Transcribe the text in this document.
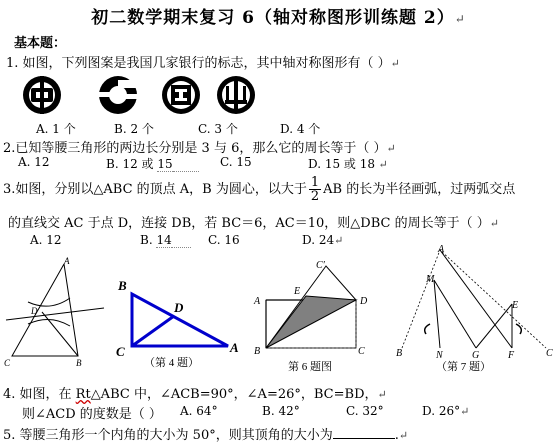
初二数学期末复习 6（轴对称图形训练题 2）↵
基本题：
1. 如图，下列图案是我国几家银行的标志，其中轴对称图形有（ ）↵
A. 1 个	B. 2 个	C. 3 个	D. 4 个
2.已知等腰三角形的两边长分别是 3 与 6，那么它的周长等于（ ）↵
A. 12	B. 12 或 15	C. 15	D. 15 或 18 ↵
3.如图，分别以△ABC 的顶点 A，B 为圆心，以大于 $\frac{1}{2}$ AB 的长为半径画弧，过两弧交点
的直线交 AC 于点 D，连接 DB，若 BC＝6，AC＝10，则△DBC 的周长等于（ ）↵
A. 12	B. 14	C. 16	D. 24↵
A
D
C	B
B
D
C	A
（第 4 题）
C′
E
A	D
B	C
第 6 题图
A
M
E
B	N	G	F	C
（第 7 题）
4. 如图，在 Rt△ABC 中，∠ACB=90°，∠A=26°，BC=BD，↵
则∠ACD 的度数是（ ） A. 64°	B. 42°	C. 32°	D. 26°↵
5. 等腰三角形一个内角的大小为 50°，则其顶角的大小为	.↵
